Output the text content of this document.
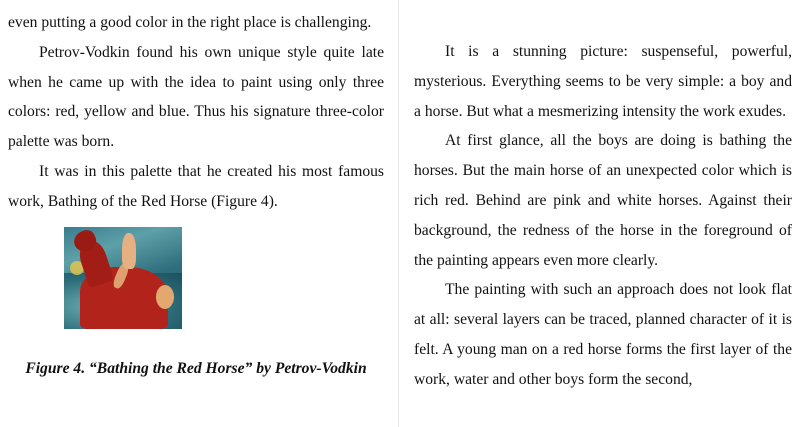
even putting a good color in the right place is challenging.

Petrov-Vodkin found his own unique style quite late when he came up with the idea to paint using only three colors: red, yellow and blue. Thus his signature three-color palette was born.

It was in this palette that he created his most famous work, Bathing of the Red Horse (Figure 4).

Figure 4. “Bathing the Red Horse” by Petrov-Vodkin

It is a stunning picture: suspenseful, powerful, mysterious. Everything seems to be very simple: a boy and a horse. But what a mesmerizing intensity the work exudes.

At first glance, all the boys are doing is bathing the horses. But the main horse of an unexpected color which is rich red. Behind are pink and white horses. Against their background, the redness of the horse in the foreground of the painting appears even more clearly.

The painting with such an approach does not look flat at all: several layers can be traced, planned character of it is felt. A young man on a red horse forms the first layer of the work, water and other boys form the second,
